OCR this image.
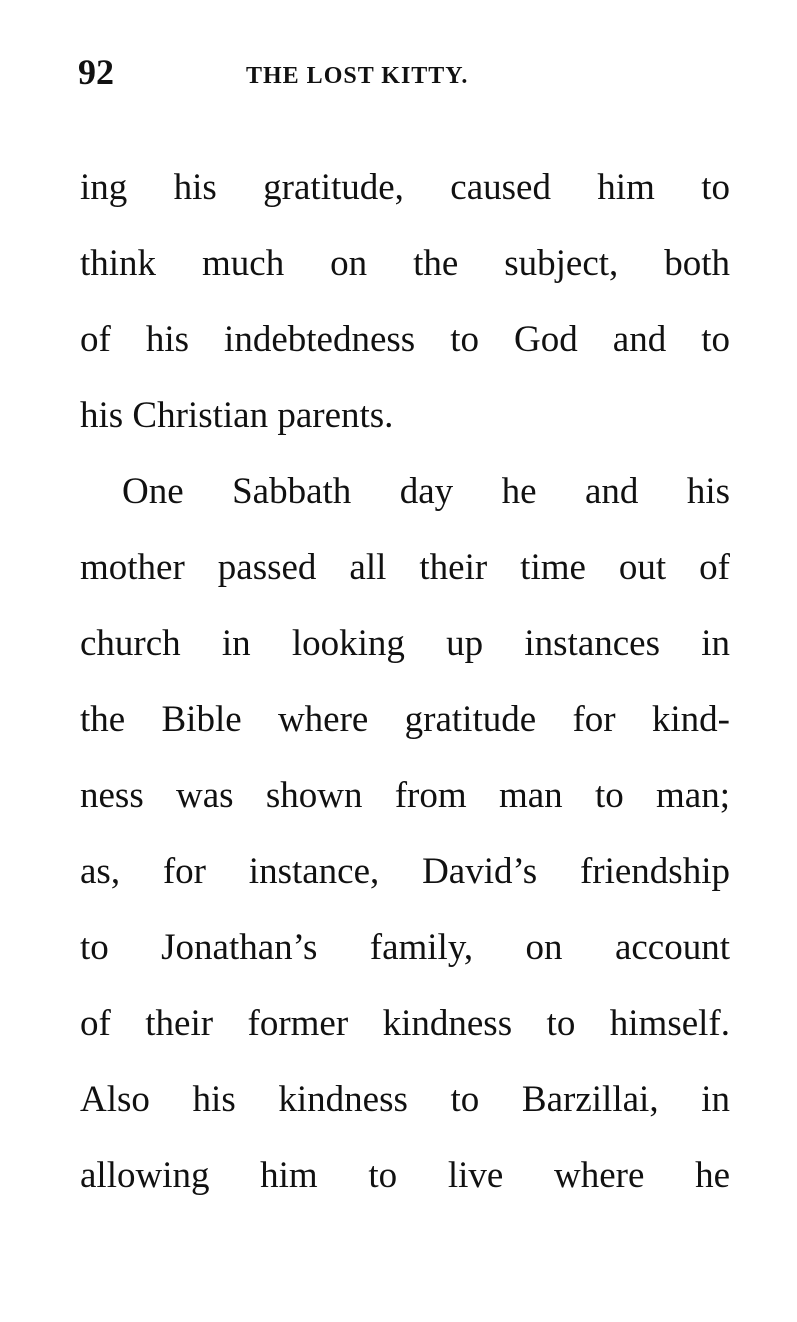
92	THE LOST KITTY.
ing his gratitude, caused him to
think much on the subject, both
of his indebtedness to God and to
his Christian parents.
One Sabbath day he and his
mother passed all their time out of
church in looking up instances in
the Bible where gratitude for kind-
ness was shown from man to man;
as, for instance, David’s friendship
to Jonathan’s family, on account
of their former kindness to himself.
Also his kindness to Barzillai, in
allowing him to live where he
